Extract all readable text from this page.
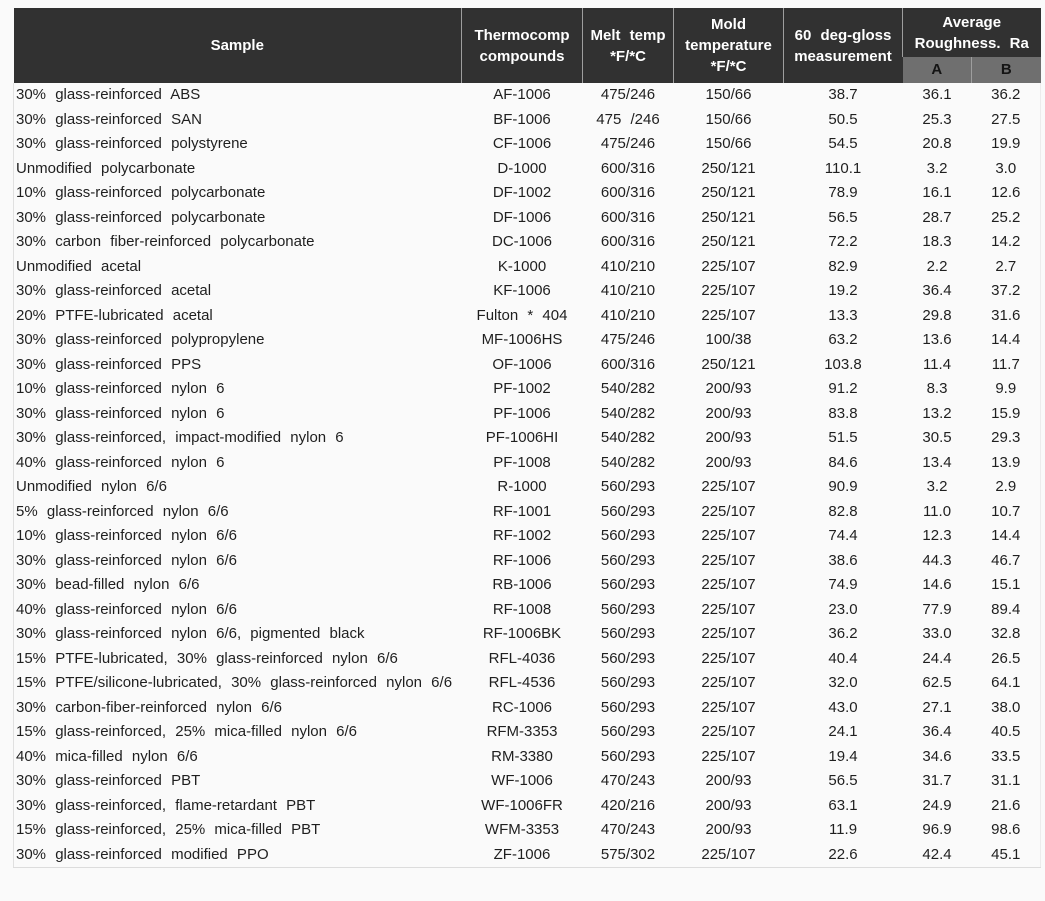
Sample	Thermocomp compounds	Melt temp *F/*C	Mold temperature *F/*C	60 deg-gloss measurement	Average Roughness. Ra	
					A	B
30% glass-reinforced ABS	AF-1006	475/246	150/66	38.7	36.1	36.2
30% glass-reinforced SAN	BF-1006	475 /246	150/66	50.5	25.3	27.5
30% glass-reinforced polystyrene	CF-1006	475/246	150/66	54.5	20.8	19.9
Unmodified polycarbonate	D-1000	600/316	250/121	110.1	3.2	3.0
10% glass-reinforced polycarbonate	DF-1002	600/316	250/121	78.9	16.1	12.6
30% glass-reinforced polycarbonate	DF-1006	600/316	250/121	56.5	28.7	25.2
30% carbon fiber-reinforced polycarbonate	DC-1006	600/316	250/121	72.2	18.3	14.2
Unmodified acetal	K-1000	410/210	225/107	82.9	2.2	2.7
30% glass-reinforced acetal	KF-1006	410/210	225/107	19.2	36.4	37.2
20% PTFE-lubricated acetal	Fulton * 404	410/210	225/107	13.3	29.8	31.6
30% glass-reinforced polypropylene	MF-1006HS	475/246	100/38	63.2	13.6	14.4
30% glass-reinforced PPS	OF-1006	600/316	250/121	103.8	11.4	11.7
10% glass-reinforced nylon 6	PF-1002	540/282	200/93	91.2	8.3	9.9
30% glass-reinforced nylon 6	PF-1006	540/282	200/93	83.8	13.2	15.9
30% glass-reinforced, impact-modified nylon 6	PF-1006HI	540/282	200/93	51.5	30.5	29.3
40% glass-reinforced nylon 6	PF-1008	540/282	200/93	84.6	13.4	13.9
Unmodified nylon 6/6	R-1000	560/293	225/107	90.9	3.2	2.9
5% glass-reinforced nylon 6/6	RF-1001	560/293	225/107	82.8	11.0	10.7
10% glass-reinforced nylon 6/6	RF-1002	560/293	225/107	74.4	12.3	14.4
30% glass-reinforced nylon 6/6	RF-1006	560/293	225/107	38.6	44.3	46.7
30% bead-filled nylon 6/6	RB-1006	560/293	225/107	74.9	14.6	15.1
40% glass-reinforced nylon 6/6	RF-1008	560/293	225/107	23.0	77.9	89.4
30% glass-reinforced nylon 6/6, pigmented black	RF-1006BK	560/293	225/107	36.2	33.0	32.8
15% PTFE-lubricated, 30% glass-reinforced nylon 6/6	RFL-4036	560/293	225/107	40.4	24.4	26.5
15% PTFE/silicone-lubricated, 30% glass-reinforced nylon 6/6	RFL-4536	560/293	225/107	32.0	62.5	64.1
30% carbon-fiber-reinforced nylon 6/6	RC-1006	560/293	225/107	43.0	27.1	38.0
15% glass-reinforced, 25% mica-filled nylon 6/6	RFM-3353	560/293	225/107	24.1	36.4	40.5
40% mica-filled nylon 6/6	RM-3380	560/293	225/107	19.4	34.6	33.5
30% glass-reinforced PBT	WF-1006	470/243	200/93	56.5	31.7	31.1
30% glass-reinforced, flame-retardant PBT	WF-1006FR	420/216	200/93	63.1	24.9	21.6
15% glass-reinforced, 25% mica-filled PBT	WFM-3353	470/243	200/93	11.9	96.9	98.6
30% glass-reinforced modified PPO	ZF-1006	575/302	225/107	22.6	42.4	45.1
